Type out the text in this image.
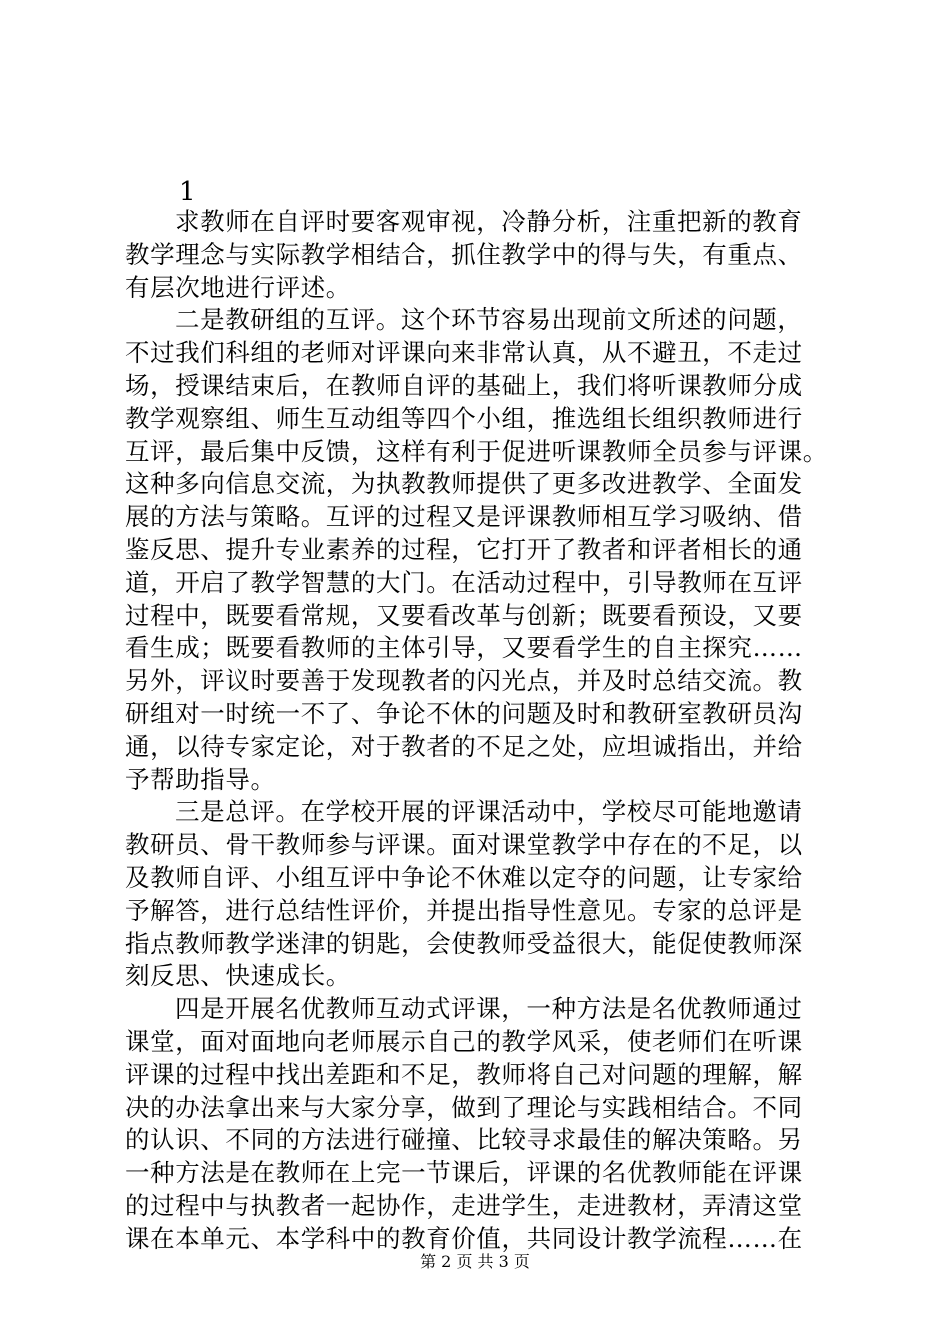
1
求教师在自评时要客观审视，冷静分析，注重把新的教育
教学理念与实际教学相结合，抓住教学中的得与失，有重点、
有层次地进行评述。
二是教研组的互评。这个环节容易出现前文所述的问题，
不过我们科组的老师对评课向来非常认真，从不避丑，不走过
场，授课结束后，在教师自评的基础上，我们将听课教师分成
教学观察组、师生互动组等四个小组，推选组长组织教师进行
互评，最后集中反馈，这样有利于促进听课教师全员参与评课。
这种多向信息交流，为执教教师提供了更多改进教学、全面发
展的方法与策略。互评的过程又是评课教师相互学习吸纳、借
鉴反思、提升专业素养的过程，它打开了教者和评者相长的通
道，开启了教学智慧的大门。在活动过程中，引导教师在互评
过程中，既要看常规，又要看改革与创新；既要看预设，又要
看生成；既要看教师的主体引导，又要看学生的自主探究……
另外，评议时要善于发现教者的闪光点，并及时总结交流。教
研组对一时统一不了、争论不休的问题及时和教研室教研员沟
通，以待专家定论，对于教者的不足之处，应坦诚指出，并给
予帮助指导。
三是总评。在学校开展的评课活动中，学校尽可能地邀请
教研员、骨干教师参与评课。面对课堂教学中存在的不足，以
及教师自评、小组互评中争论不休难以定夺的问题，让专家给
予解答，进行总结性评价，并提出指导性意见。专家的总评是
指点教师教学迷津的钥匙，会使教师受益很大，能促使教师深
刻反思、快速成长。
四是开展名优教师互动式评课，一种方法是名优教师通过
课堂，面对面地向老师展示自己的教学风采，使老师们在听课
评课的过程中找出差距和不足，教师将自己对问题的理解，解
决的办法拿出来与大家分享，做到了理论与实践相结合。不同
的认识、不同的方法进行碰撞、比较寻求最佳的解决策略。另
一种方法是在教师在上完一节课后，评课的名优教师能在评课
的过程中与执教者一起协作，走进学生，走进教材，弄清这堂
课在本单元、本学科中的教育价值，共同设计教学流程……在
第 2 页 共 3 页
